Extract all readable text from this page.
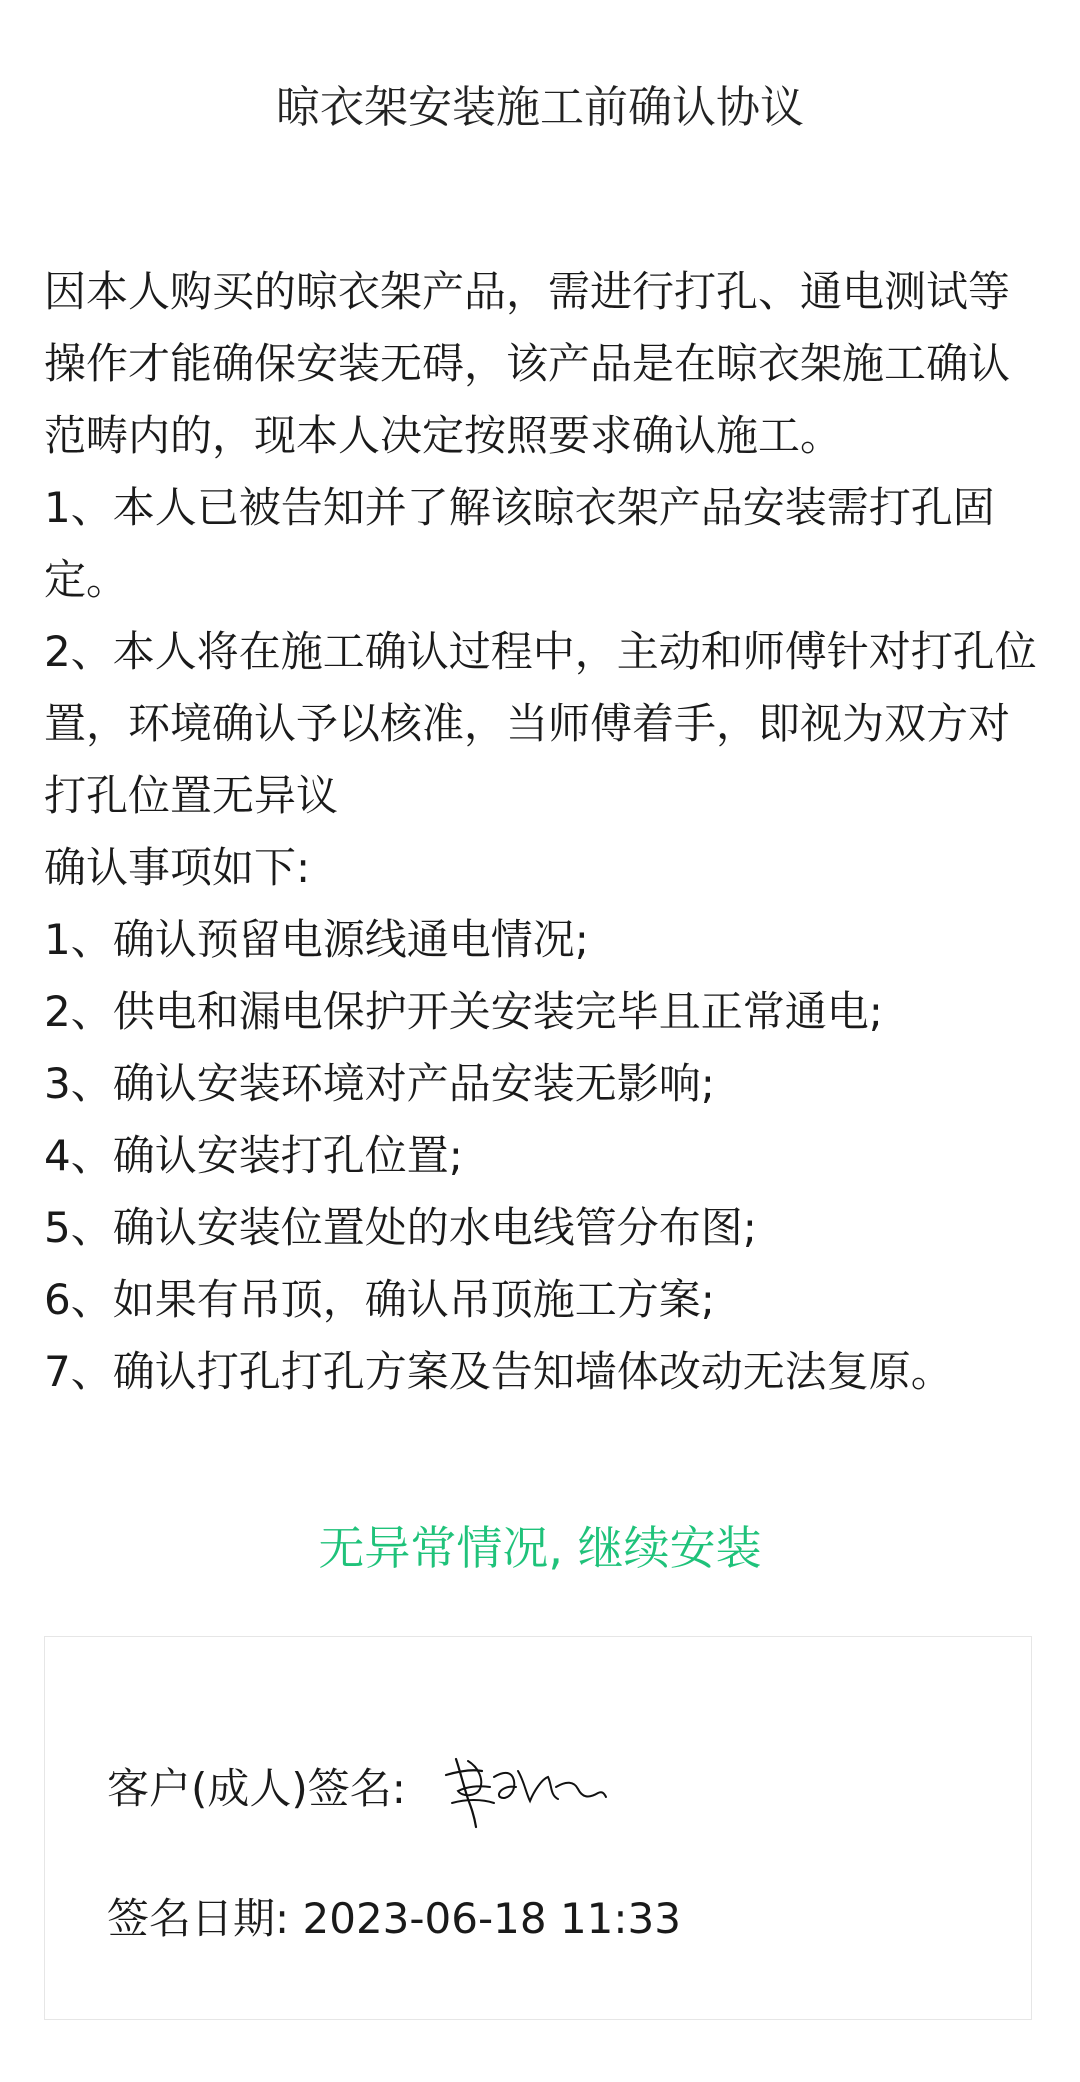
晾衣架安装施工前确认协议

因本人购买的晾衣架产品，需进行打孔、通电测试等操作才能确保安装无碍，该产品是在晾衣架施工确认范畴内的，现本人决定按照要求确认施工。

1、本人已被告知并了解该晾衣架产品安装需打孔固定。

2、本人将在施工确认过程中，主动和师傅针对打孔位置，环境确认予以核准，当师傅着手，即视为双方对打孔位置无异议

确认事项如下:

1、确认预留电源线通电情况;

2、供电和漏电保护开关安装完毕且正常通电;

3、确认安装环境对产品安装无影响;

4、确认安装打孔位置;

5、确认安装位置处的水电线管分布图;

6、如果有吊顶，确认吊顶施工方案;

7、确认打孔打孔方案及告知墙体改动无法复原。

无异常情况, 继续安装
客户(成人)签名:
签名日期: 2023-06-18 11:33
